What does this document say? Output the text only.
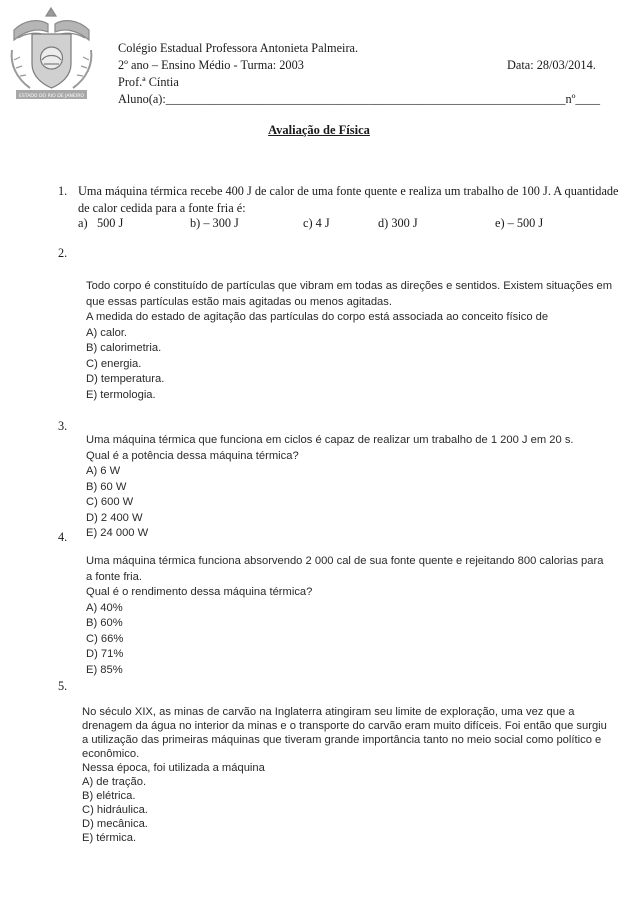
ESTADO DO RIO DE JANEIRO
Colégio Estadual Professora Antonieta Palmeira.
2º ano – Ensino Médio - Turma: 2003	Data: 28/03/2014.
Prof.ª Cíntia
Aluno(a):_________________________________________________________________nº____
Avaliação de Física
1. Uma máquina térmica recebe 400 J de calor de uma fonte quente e realiza um trabalho de 100 J. A quantidade
de calor cedida para a fonte fria é:
a) 500 J	b) – 300 J	c) 4 J	d) 300 J	e) – 500 J
2.
Todo corpo é constituído de partículas que vibram em todas as direções e sentidos. Existem situações em
que essas partículas estão mais agitadas ou menos agitadas.
A medida do estado de agitação das partículas do corpo está associada ao conceito físico de
A) calor.
B) calorimetria.
C) energia.
D) temperatura.
E) termologia.
3.
Uma máquina térmica que funciona em ciclos é capaz de realizar um trabalho de 1 200 J em 20 s.
Qual é a potência dessa máquina térmica?
A) 6 W
B) 60 W
C) 600 W
D) 2 400 W
E) 24 000 W
4.
Uma máquina térmica funciona absorvendo 2 000 cal de sua fonte quente e rejeitando 800 calorias para
a fonte fria.
Qual é o rendimento dessa máquina térmica?
A) 40%
B) 60%
C) 66%
D) 71%
E) 85%
5.
No século XIX, as minas de carvão na Inglaterra atingiram seu limite de exploração, uma vez que a
drenagem da água no interior da minas e o transporte do carvão eram muito difíceis. Foi então que surgiu
a utilização das primeiras máquinas que tiveram grande importância tanto no meio social como político e
econômico.
Nessa época, foi utilizada a máquina
A) de tração.
B) elétrica.
C) hidráulica.
D) mecânica.
E) térmica.
